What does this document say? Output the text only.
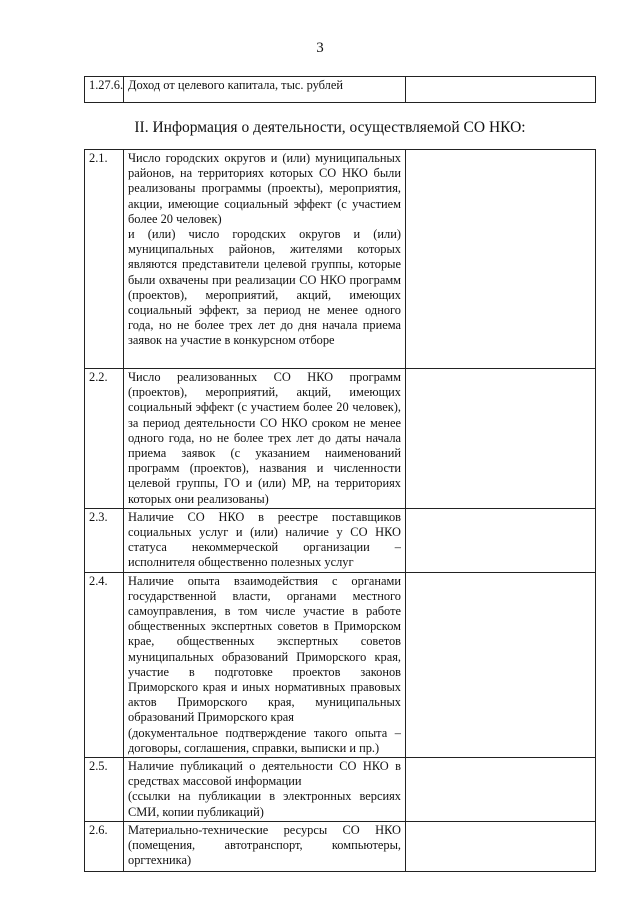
3
1.27.6.	Доход от целевого капитала, тыс. рублей	
II. Информация о деятельности, осуществляемой СО НКО:
2.1.	Число городских округов и (или) муниципальных районов, на территориях которых СО НКО были реализованы программы (проекты), мероприятия, акции, имеющие социальный эффект (с участием более 20 человек)
и (или) число городских округов и (или) муниципальных районов, жителями которых являются представители целевой группы, которые были охвачены при реализации СО НКО программ (проектов), мероприятий, акций, имеющих социальный эффект, за период не менее одного года, но не более трех лет до дня начала приема заявок на участие в конкурсном отборе	

2.2.	Число реализованных СО НКО программ (проектов), мероприятий, акций, имеющих социальный эффект (с участием более 20 человек), за период деятельности СО НКО сроком не менее одного года, но не более трех лет до даты начала приема заявок (с указанием наименований программ (проектов), названия и численности целевой группы, ГО и (или) МР, на территориях которых они реализованы)	

2.3.	Наличие СО НКО в реестре поставщиков социальных услуг и (или) наличие у СО НКО статуса некоммерческой организации – исполнителя общественно полезных услуг	

2.4.	Наличие опыта взаимодействия с органами государственной власти, органами местного самоуправления, в том числе участие в работе общественных экспертных советов в Приморском крае, общественных экспертных советов муниципальных образований Приморского края, участие в подготовке проектов законов Приморского края и иных нормативных правовых актов Приморского края, муниципальных образований Приморского края
(документальное подтверждение такого опыта – договоры, соглашения, справки, выписки и пр.)	

2.5.	Наличие публикаций о деятельности СО НКО в средствах массовой информации
(ссылки на публикации в электронных версиях СМИ, копии публикаций)	

2.6.	Материально-технические ресурсы СО НКО (помещения, автотранспорт, компьютеры, оргтехника)	
